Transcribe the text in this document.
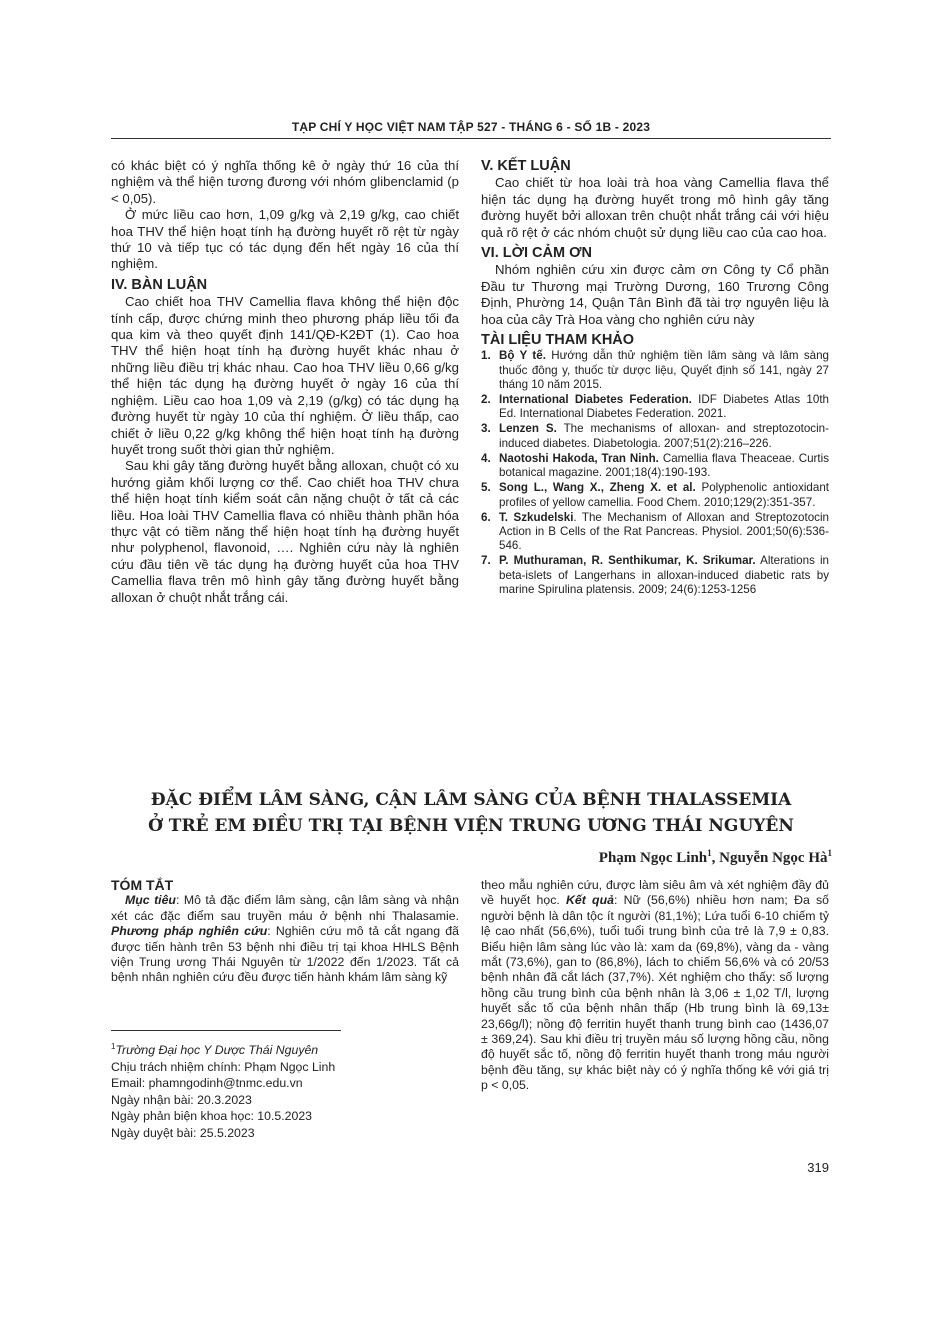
TẠP CHÍ Y HỌC VIỆT NAM TẬP 527 - THÁNG 6 - SỐ 1B - 2023

có khác biệt có ý nghĩa thống kê ở ngày thứ 16 của thí nghiệm và thể hiện tương đương với nhóm glibenclamid (p < 0,05).

Ở mức liều cao hơn, 1,09 g/kg và 2,19 g/kg, cao chiết hoa THV thể hiện hoạt tính hạ đường huyết rõ rệt từ ngày thứ 10 và tiếp tục có tác dụng đến hết ngày 16 của thí nghiệm.

IV. BÀN LUẬN

Cao chiết hoa THV Camellia flava không thể hiện độc tính cấp, được chứng minh theo phương pháp liều tối đa qua kim và theo quyết định 141/QĐ-K2ĐT (1). Cao hoa THV thể hiện hoạt tính hạ đường huyết khác nhau ở những liều điều trị khác nhau. Cao hoa THV liều 0,66 g/kg thể hiện tác dụng hạ đường huyết ở ngày 16 của thí nghiệm. Liều cao hoa 1,09 và 2,19 (g/kg) có tác dụng hạ đường huyết từ ngày 10 của thí nghiệm. Ở liều thấp, cao chiết ở liều 0,22 g/kg không thể hiện hoạt tính hạ đường huyết trong suốt thời gian thử nghiệm.

Sau khi gây tăng đường huyết bằng alloxan, chuột có xu hướng giảm khối lượng cơ thể. Cao chiết hoa THV chưa thể hiện hoạt tính kiểm soát cân nặng chuột ở tất cả các liều. Hoa loài THV Camellia flava có nhiều thành phần hóa thực vật có tiềm năng thể hiện hoạt tính hạ đường huyết như polyphenol, flavonoid, …. Nghiên cứu này là nghiên cứu đầu tiên về tác dụng hạ đường huyết của hoa THV Camellia flava trên mô hình gây tăng đường huyết bằng alloxan ở chuột nhắt trắng cái.

V. KẾT LUẬN

Cao chiết từ hoa loài trà hoa vàng Camellia flava thể hiện tác dụng hạ đường huyết trong mô hình gây tăng đường huyết bởi alloxan trên chuột nhắt trắng cái với hiệu quả rõ rệt ở các nhóm chuột sử dụng liều cao của cao hoa.

VI. LỜI CẢM ƠN

Nhóm nghiên cứu xin được cảm ơn Công ty Cổ phần Đầu tư Thương mại Trường Dương, 160 Trương Công Định, Phường 14, Quận Tân Bình đã tài trợ nguyên liệu là hoa của cây Trà Hoa vàng cho nghiên cứu này

TÀI LIỆU THAM KHẢO
1. Bộ Y tế. Hướng dẫn thử nghiệm tiền lâm sàng và lâm sàng thuốc đông y, thuốc từ dược liệu, Quyết định số 141, ngày 27 tháng 10 năm 2015.
2. International Diabetes Federation. IDF Diabetes Atlas 10th Ed. International Diabetes Federation. 2021.
3. Lenzen S. The mechanisms of alloxan- and streptozotocin-induced diabetes. Diabetologia. 2007;51(2):216–226.
4. Naotoshi Hakoda, Tran Ninh. Camellia flava Theaceae. Curtis botanical magazine. 2001;18(4):190-193.
5. Song L., Wang X., Zheng X. et al. Polyphenolic antioxidant profiles of yellow camellia. Food Chem. 2010;129(2):351-357.
6. T. Szkudelski. The Mechanism of Alloxan and Streptozotocin Action in B Cells of the Rat Pancreas. Physiol. 2001;50(6):536-546.
7. P. Muthuraman, R. Senthikumar, K. Srikumar. Alterations in beta-islets of Langerhans in alloxan-induced diabetic rats by marine Spirulina platensis. 2009; 24(6):1253-1256
ĐẶC ĐIỂM LÂM SÀNG, CẬN LÂM SÀNG CỦA BỆNH THALASSEMIA
Ở TRẺ EM ĐIỀU TRỊ TẠI BỆNH VIỆN TRUNG ƯƠNG THÁI NGUYÊN
Phạm Ngọc Linh$^1$, Nguyễn Ngọc $Hà^1$

TÓM TẮT

Mục tiêu: Mô tả đặc điểm lâm sàng, cận lâm sàng và nhận xét các đặc điểm sau truyền máu ở bệnh nhi Thalasamie. Phương pháp nghiên cứu: Nghiên cứu mô tả cắt ngang đã được tiến hành trên 53 bệnh nhi điều trị tại khoa HHLS Bệnh viện Trung ương Thái Nguyên từ 1/2022 đến 1/2023. Tất cả bệnh nhân nghiên cứu đều được tiến hành khám lâm sàng kỹ

theo mẫu nghiên cứu, được làm siêu âm và xét nghiệm đầy đủ về huyết học. Kết quả: Nữ (56,6%) nhiều hơn nam; Đa số người bệnh là dân tộc ít người (81,1%); Lứa tuổi 6-10 chiếm tỷ lệ cao nhất (56,6%), tuổi tuổi trung bình của trẻ là 7,9 ± 0,83. Biểu hiện lâm sàng lúc vào là: xam da (69,8%), vàng da - vàng mắt (73,6%), gan to (86,8%), lách to chiếm 56,6% và có 20/53 bệnh nhân đã cắt lách (37,7%). Xét nghiệm cho thấy: số lượng hồng cầu trung bình của bệnh nhân là 3,06 ± 1,02 T/l, lượng huyết sắc tố của bệnh nhân thấp (Hb trung bình là 69,13± 23,66g/l); nồng độ ferritin huyết thanh trung bình cao (1436,07 ± 369,24). Sau khi điều trị truyền máu số lượng hồng cầu, nồng độ huyết sắc tố, nồng độ ferritin huyết thanh trong máu người bệnh đều tăng, sự khác biệt này có ý nghĩa thống kê với giá trị p < 0,05.

$^1$Trường Đại học Y Dược Thái Nguyên

Chịu trách nhiệm chính: Phạm Ngọc Linh

Email: phamngodinh@tnmc.edu.vn

Ngày nhận bài: 20.3.2023

Ngày phản biện khoa học: 10.5.2023

Ngày duyệt bài: 25.5.2023

319
